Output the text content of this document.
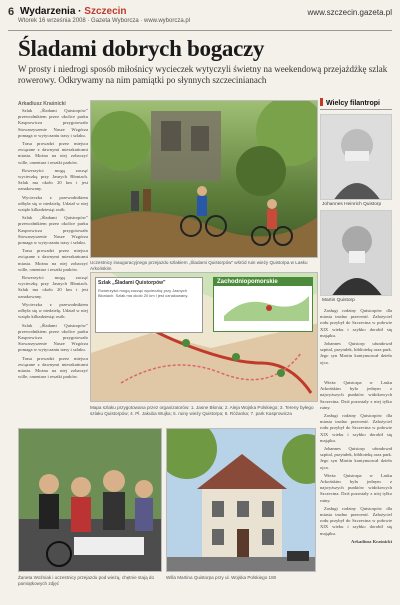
6 Wydarzenia · Szczecin
Wtorek 16 września 2008 · Gazeta Wyborcza · www.wyborcza.pl
www.szczecin.gazeta.pl
Śladami dobrych bogaczy
W prosty i niedrogi sposób miłośnicy wycieczek wytyczyli świetny na weekendową przejażdżkę szlak rowerowy. Odkrywamy na nim pamiątki po słynnych szczecinianach
Arkadiusz Kraśnicki

Szlak „Śladami Quistorpów” przewodnikiem przez okolice parku Kasprowicza przygotowało Stowarzyszenie Nasze Wzgórza pomaga w wytyczaniu trasy i szlaku.

Trasa prowadzi przez miejsca związane z dawnymi mieszkańcami miasta. Można na niej zobaczyć wille, cmentarz i resztki parków.

Rowerzyści mogą zacząć wycieczkę przy Jasnych Błoniach. Szlak ma około 20 km i jest oznakowany.

Wycieczka z przewodnikiem odbyła się w niedzielę. Udział w niej wzięło kilkadziesiąt osób.

Szlak „Śladami Quistorpów” przewodnikiem przez okolice parku Kasprowicza przygotowało Stowarzyszenie Nasze Wzgórza pomaga w wytyczaniu trasy i szlaku.

Trasa prowadzi przez miejsca związane z dawnymi mieszkańcami miasta. Można na niej zobaczyć wille, cmentarz i resztki parków.

Rowerzyści mogą zacząć wycieczkę przy Jasnych Błoniach. Szlak ma około 20 km i jest oznakowany.

Wycieczka z przewodnikiem odbyła się w niedzielę. Udział w niej wzięło kilkadziesiąt osób.

Szlak „Śladami Quistorpów” przewodnikiem przez okolice parku Kasprowicza przygotowało Stowarzyszenie Nasze Wzgórza pomaga w wytyczaniu trasy i szlaku.

Trasa prowadzi przez miejsca związane z dawnymi mieszkańcami miasta. Można na niej zobaczyć wille, cmentarz i resztki parków.

Uczestnicy inauguracyjnego przejazdu szlakiem „Śladami Quistorpów” wśród ruin wieży Quistorpa w Lasku Arkońskim
Szlak „Śladami Quistorpów”
Rowerzyści mogą zacząć wycieczkę przy Jasnych Błoniach. Szlak ma około 20 km i jest oznakowany.
Zachodniopomorskie
Mapa szlaku przygotowana przez organizatorów: 1. Jasne Błonia; 2. Aleja Wojska Polskiego; 3. Tereny byłego szlaku Quistorpów; 4. Pl. Jakuba Wujka; 5. ruiny wieży Quistorpa; 6. Różanka; 7. park Kasprowicza
Wielcy filantropi
Johannes Heinrich Quistorp
Martin Quistorp

Zasługi rodziny Quistorpów dla miasta trudno przecenić. Założyciel rodu przybył do Szczecina w połowie XIX wieku i szybko dorobił się majątku.

Johannes Quistorp ufundował szpital, przytułek, bibliotekę oraz park. Jego syn Martin kontynuował dzieło ojca.

Wieża Quistorpa w Lasku Arkońskim była jednym z najwyższych punktów widokowych Szczecina. Dziś pozostały z niej tylko ruiny.

Zasługi rodziny Quistorpów dla miasta trudno przecenić. Założyciel rodu przybył do Szczecina w połowie XIX wieku i szybko dorobił się majątku.

Johannes Quistorp ufundował szpital, przytułek, bibliotekę oraz park. Jego syn Martin kontynuował dzieło ojca.

Wieża Quistorpa w Lasku Arkońskim była jednym z najwyższych punktów widokowych Szczecina. Dziś pozostały z niej tylko ruiny.

Zasługi rodziny Quistorpów dla miasta trudno przecenić. Założyciel rodu przybył do Szczecina w połowie XIX wieku i szybko dorobił się majątku.

Arkadiusz Kraśnicki

Żaneta Woźniak i uczestnicy przejazdu pod wieżą, chętnie stają do pamiątkowych zdjęć
Willa Martina Quistorpa przy ul. Wojska Polskiego 180
